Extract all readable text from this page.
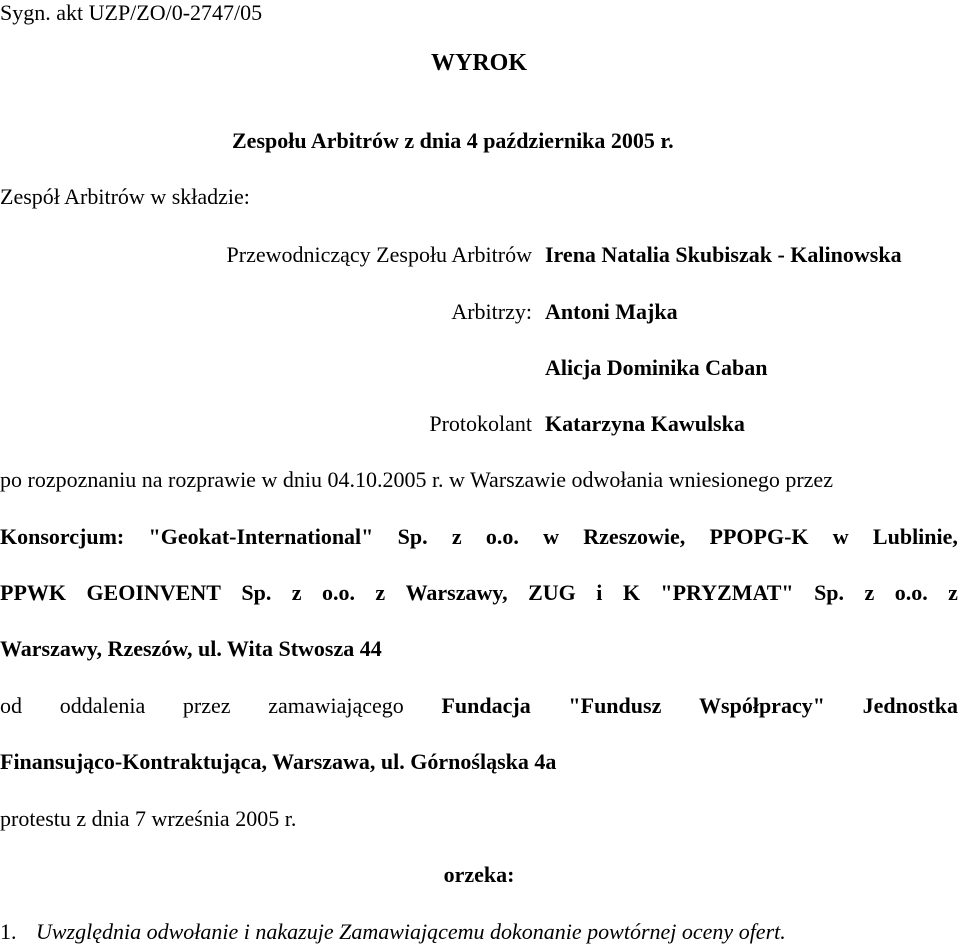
Sygn. akt UZP/ZO/0-2747/05
WYROK
Zespołu Arbitrów z dnia 4 października 2005 r.
Zespół Arbitrów w składzie:
Przewodniczący Zespołu Arbitrów Irena Natalia Skubiszak - Kalinowska
Arbitrzy: Antoni Majka
Alicja Dominika Caban
Protokolant Katarzyna Kawulska
po rozpoznaniu na rozprawie w dniu 04.10.2005 r. w Warszawie odwołania wniesionego przez
Konsorcjum: "Geokat-International" Sp. z o.o. w Rzeszowie, PPOPG-K w Lublinie,
PPWK GEOINVENT Sp. z o.o. z Warszawy, ZUG i K "PRYZMAT" Sp. z o.o. z
Warszawy, Rzeszów, ul. Wita Stwosza 44
od oddalenia przez zamawiającego Fundacja "Fundusz Współpracy" Jednostka
Finansująco-Kontraktująca, Warszawa, ul. Górnośląska 4a
protestu z dnia 7 września 2005 r.
orzeka:
1. Uwzględnia odwołanie i nakazuje Zamawiającemu dokonanie powtórnej oceny ofert.
